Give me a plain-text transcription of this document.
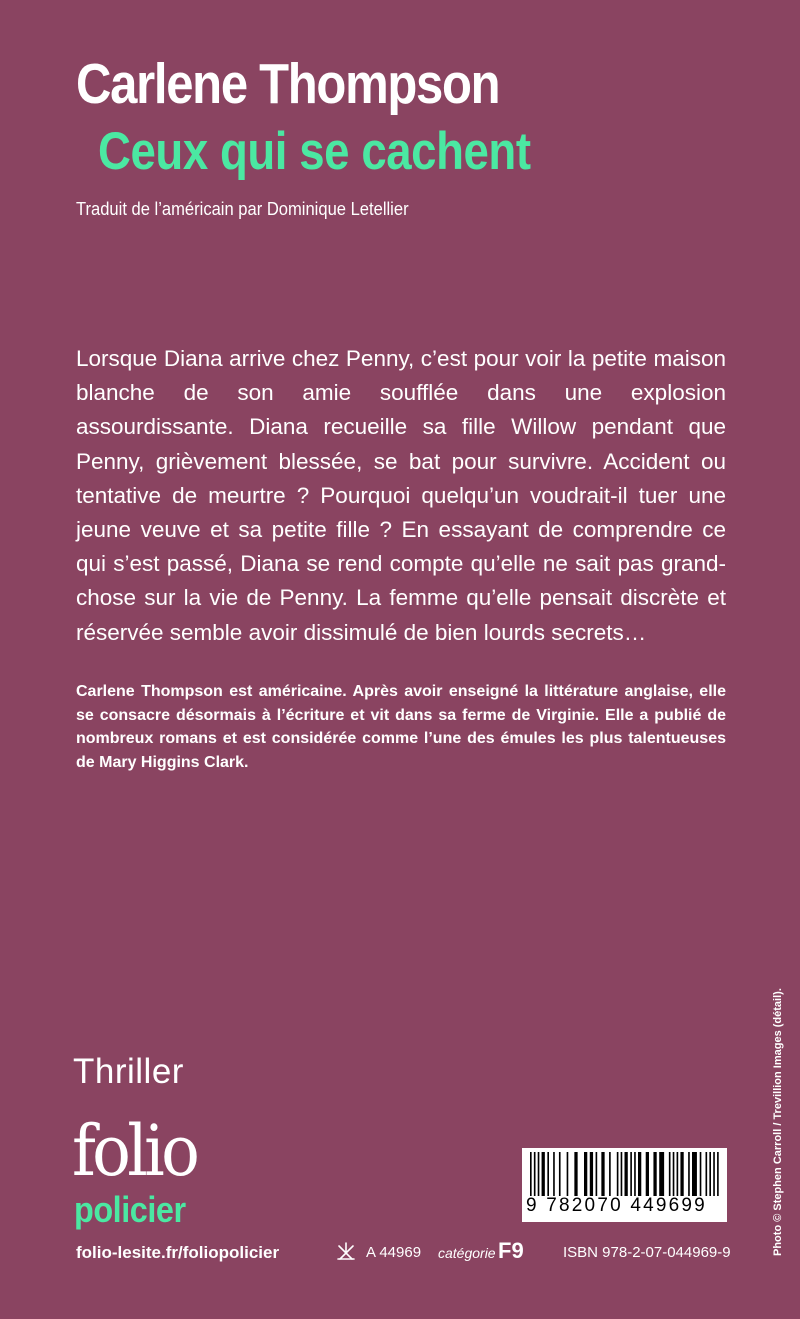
Carlene Thompson
Ceux qui se cachent
Traduit de l’américain par Dominique Letellier

Lorsque Diana arrive chez Penny, c’est pour voir la petite maison blanche de son amie soufflée dans une explosion assourdissante. Diana recueille sa fille Willow pendant que Penny, grièvement blessée, se bat pour survivre. Accident ou tentative de meurtre ? Pourquoi quelqu’un voudrait-il tuer une jeune veuve et sa petite fille ? En essayant de comprendre ce qui s’est passé, Diana se rend compte qu’elle ne sait pas grand-chose sur la vie de Penny. La femme qu’elle pensait discrète et réservée semble avoir dissimulé de bien lourds secrets…

Carlene Thompson est américaine. Après avoir enseigné la littérature anglaise, elle se consacre désormais à l’écriture et vit dans sa ferme de Virginie. Elle a publié de nombreux romans et est considérée comme l’une des émules les plus talentueuses de Mary Higgins Clark.

Thriller
folio
policier
folio-lesite.fr/foliopolicier
9 782070 449699
A 44969 catégorie F9	ISBN 978-2-07-044969-9	Photo © Stephen Carroll / Trevillion Images (détail).
